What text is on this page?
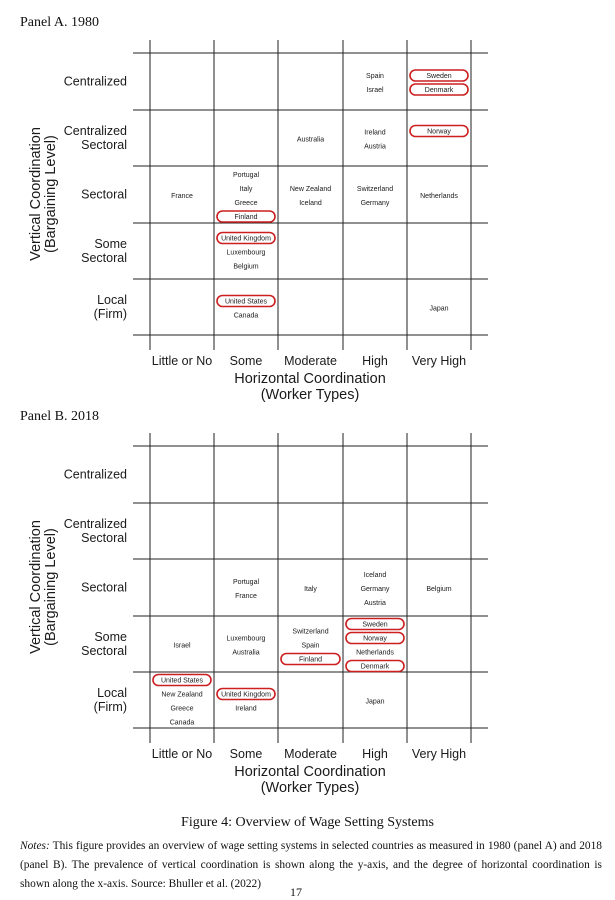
Panel A. 1980
Centralized
Centralized Sectoral
Sectoral
Some Sectoral
Local (Firm)
Little or No Some Moderate High Very High
Horizontal Coordination (Worker Types)
Vertical Coordination(Bargaining Level)
Spain
Israel
Sweden
Denmark
Australia
Ireland
Austria
Norway
France
Portugal
Italy
Greece
Finland
New Zealand
Iceland
Switzerland
Germany
Netherlands
United Kingdom
Luxembourg
Belgium
United States
Canada
Japan
Panel B. 2018
Centralized
Centralized Sectoral
Sectoral
Some Sectoral
Local (Firm)
Little or No Some Moderate High Very High
Horizontal Coordination (Worker Types)
Vertical Coordination(Bargaining Level)	Portugal
France
Italy
Iceland
Germany
Austria
Belgium
Israel
Luxembourg
Australia
Switzerland
Spain
Finland
Sweden
Norway
Netherlands
Denmark
United States
New Zealand
Greece
Canada
United Kingdom
Ireland
Japan
Figure 4: Overview of Wage Setting Systems
Notes: This figure provides an overview of wage setting systems in selected countries as measured in 1980 (panel A) and 2018 (panel B). The prevalence of vertical coordination is shown along the y-axis, and the degree of horizontal coordination is shown along the x-axis. Source: Bhuller et al. (2022)
17
